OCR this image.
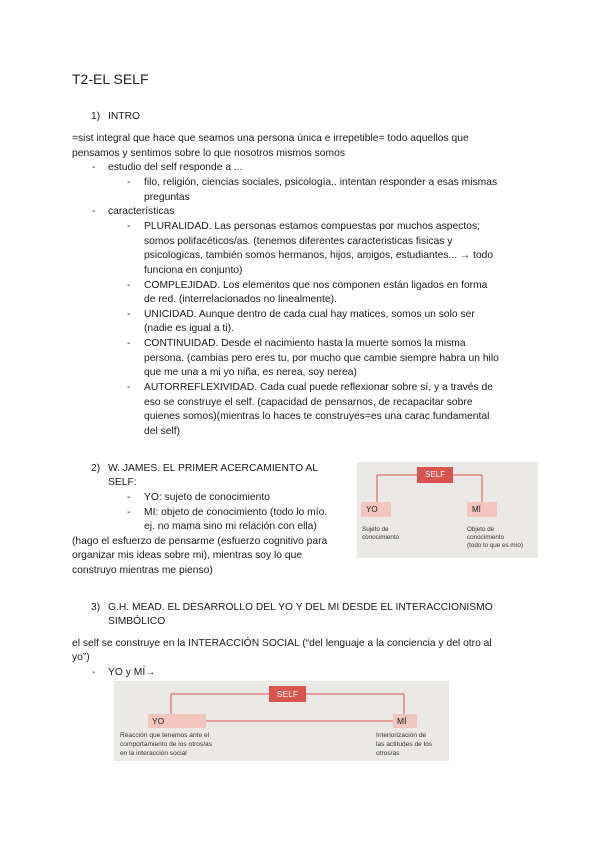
T2-EL SELF
1) INTRO
=sist integral que hace que seamos una persona única e irrepetible= todo aquellos que
pensamos y sentimos sobre lo que nosotros mismos somos
- estudio del self responde a ...
- filo, religión, ciencias sociales, psicología.. intentan responder a esas mismas
preguntas
- características
- PLURALIDAD. Las personas estamos compuestas por muchos aspectos;
somos polifacéticos/as. (tenemos diferentes caracteristicas fisicas y
psicologicas, también somos hermanos, hijos, amigos, estudiantes... → todo
funciona en conjunto)
- COMPLEJIDAD. Los elementos que nos componen están ligados en forma
de red. (interrelacionados no linealmente).
- UNICIDAD. Aunque dentro de cada cual hay matices, somos un solo ser
(nadie es igual a ti).
- CONTINUIDAD. Desde el nacimiento hasta la muerte somos la misma
persona. (cambias pero eres tu, por mucho que cambie siempre habra un hilo
que me una a mi yo niña, es nerea, soy nerea)
- AUTORREFLEXIVIDAD. Cada cual puede reflexionar sobre sí, y a través de
eso se construye el self. (capacidad de pensarnos, de recapacitar sobre
quienes somos)(mientras lo haces te construyes=es una carac fundamental
del self)
2) W. JAMES. EL PRIMER ACERCAMIENTO AL
SELF:
- YO: sujeto de conocimiento
- MI: objeto de conocimiento (todo lo mío.
ej. no mama sino mi relación con ella)
(hago el esfuerzo de pensarme (esfuerzo cognitivo para
organizar mis ideas sobre mi), mientras soy lo que
construyo mientras me pienso)
SELF
YO	MÍ
Sujeto de
conocimiento
Objeto de
conocimiento
(todo lo que es mío)
3) G.H. MEAD. EL DESARROLLO DEL YO Y DEL MI DESDE EL INTERACCIONISMO
SIMBÓLICO
el self se construye en la INTERACCIÓN SOCIAL (“del lenguaje a la conciencia y del otro al
yo”)
- YO y MÍ→
SELF
YO	MÍ
Reacción que tenemos ante el
comportamiento de los otros/as
en la interacción social
Interiorización de
las actitudes de los
otros/as
